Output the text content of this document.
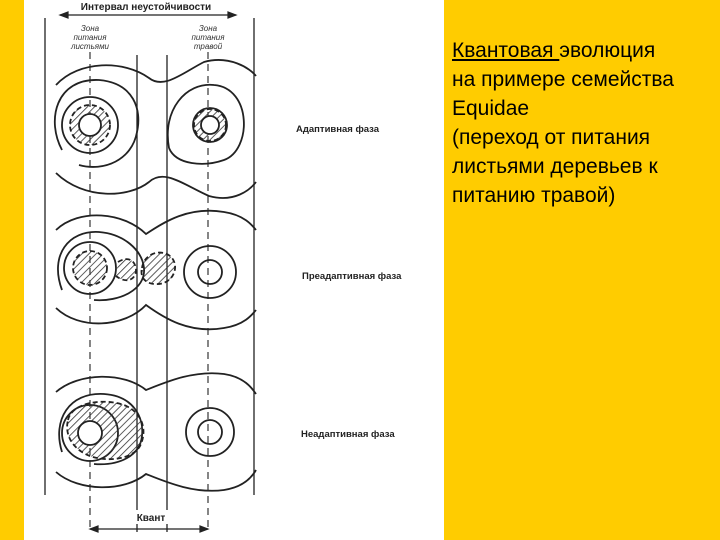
Интервал неустойчивости
Зона
питания
листьями
Зона
питания
травой
Адаптивная фаза
Преадаптивная фаза
Неадаптивная фаза
Квант
Квантовая эволюция
на примере семейства
Equidae
(переход от питания
листьями деревьев к
питанию травой)
